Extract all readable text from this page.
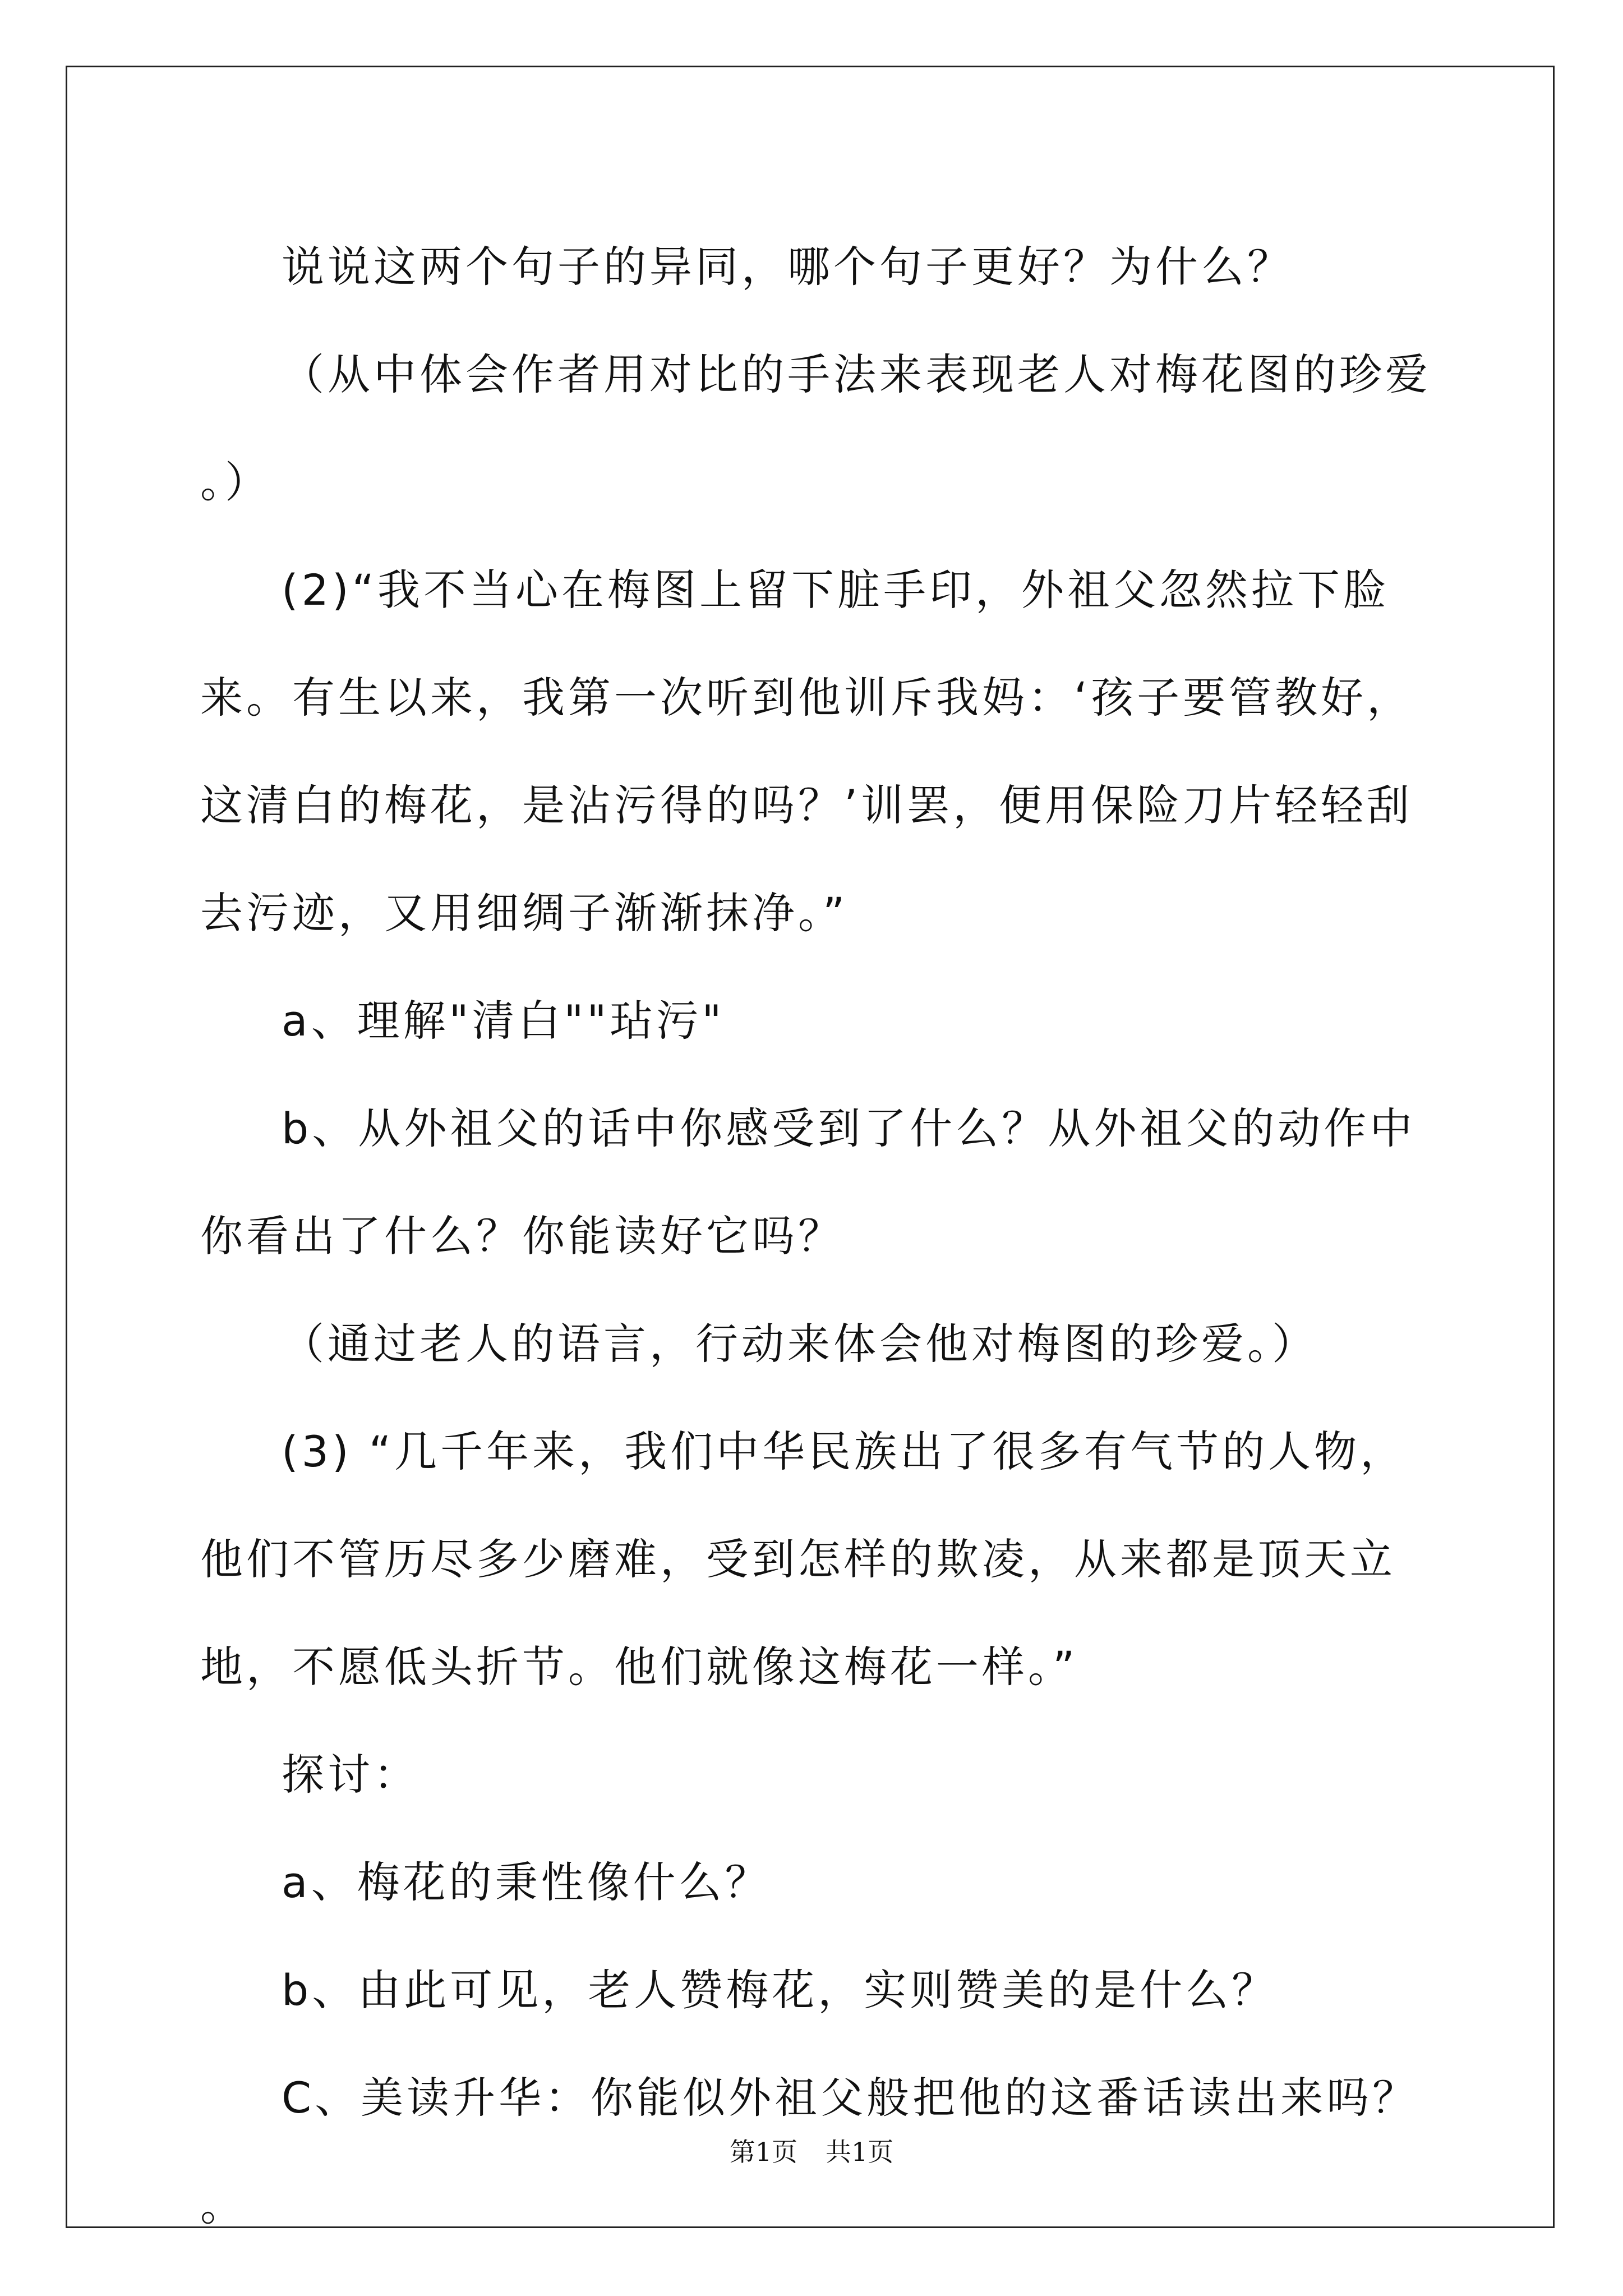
说说这两个句子的异同，哪个句子更好？为什么？

（从中体会作者用对比的手法来表现老人对梅花图的珍爱。）

(2)“我不当心在梅图上留下脏手印，外祖父忽然拉下脸来。有生以来，我第一次听到他训斥我妈：‘孩子要管教好，这清白的梅花，是沾污得的吗？’训罢，便用保险刀片轻轻刮去污迹，又用细绸子渐渐抹净。”

a、理解"清白""玷污"

b、从外祖父的话中你感受到了什么？从外祖父的动作中你看出了什么？你能读好它吗？

（通过老人的语言，行动来体会他对梅图的珍爱。）

(3) “几千年来，我们中华民族出了很多有气节的人物，他们不管历尽多少磨难，受到怎样的欺凌，从来都是顶天立地，不愿低头折节。他们就像这梅花一样。”

探讨：

a、梅花的秉性像什么？

b、由此可见，老人赞梅花，实则赞美的是什么？

C、美读升华：你能似外祖父般把他的这番话读出来吗？。

第1页 共1页
